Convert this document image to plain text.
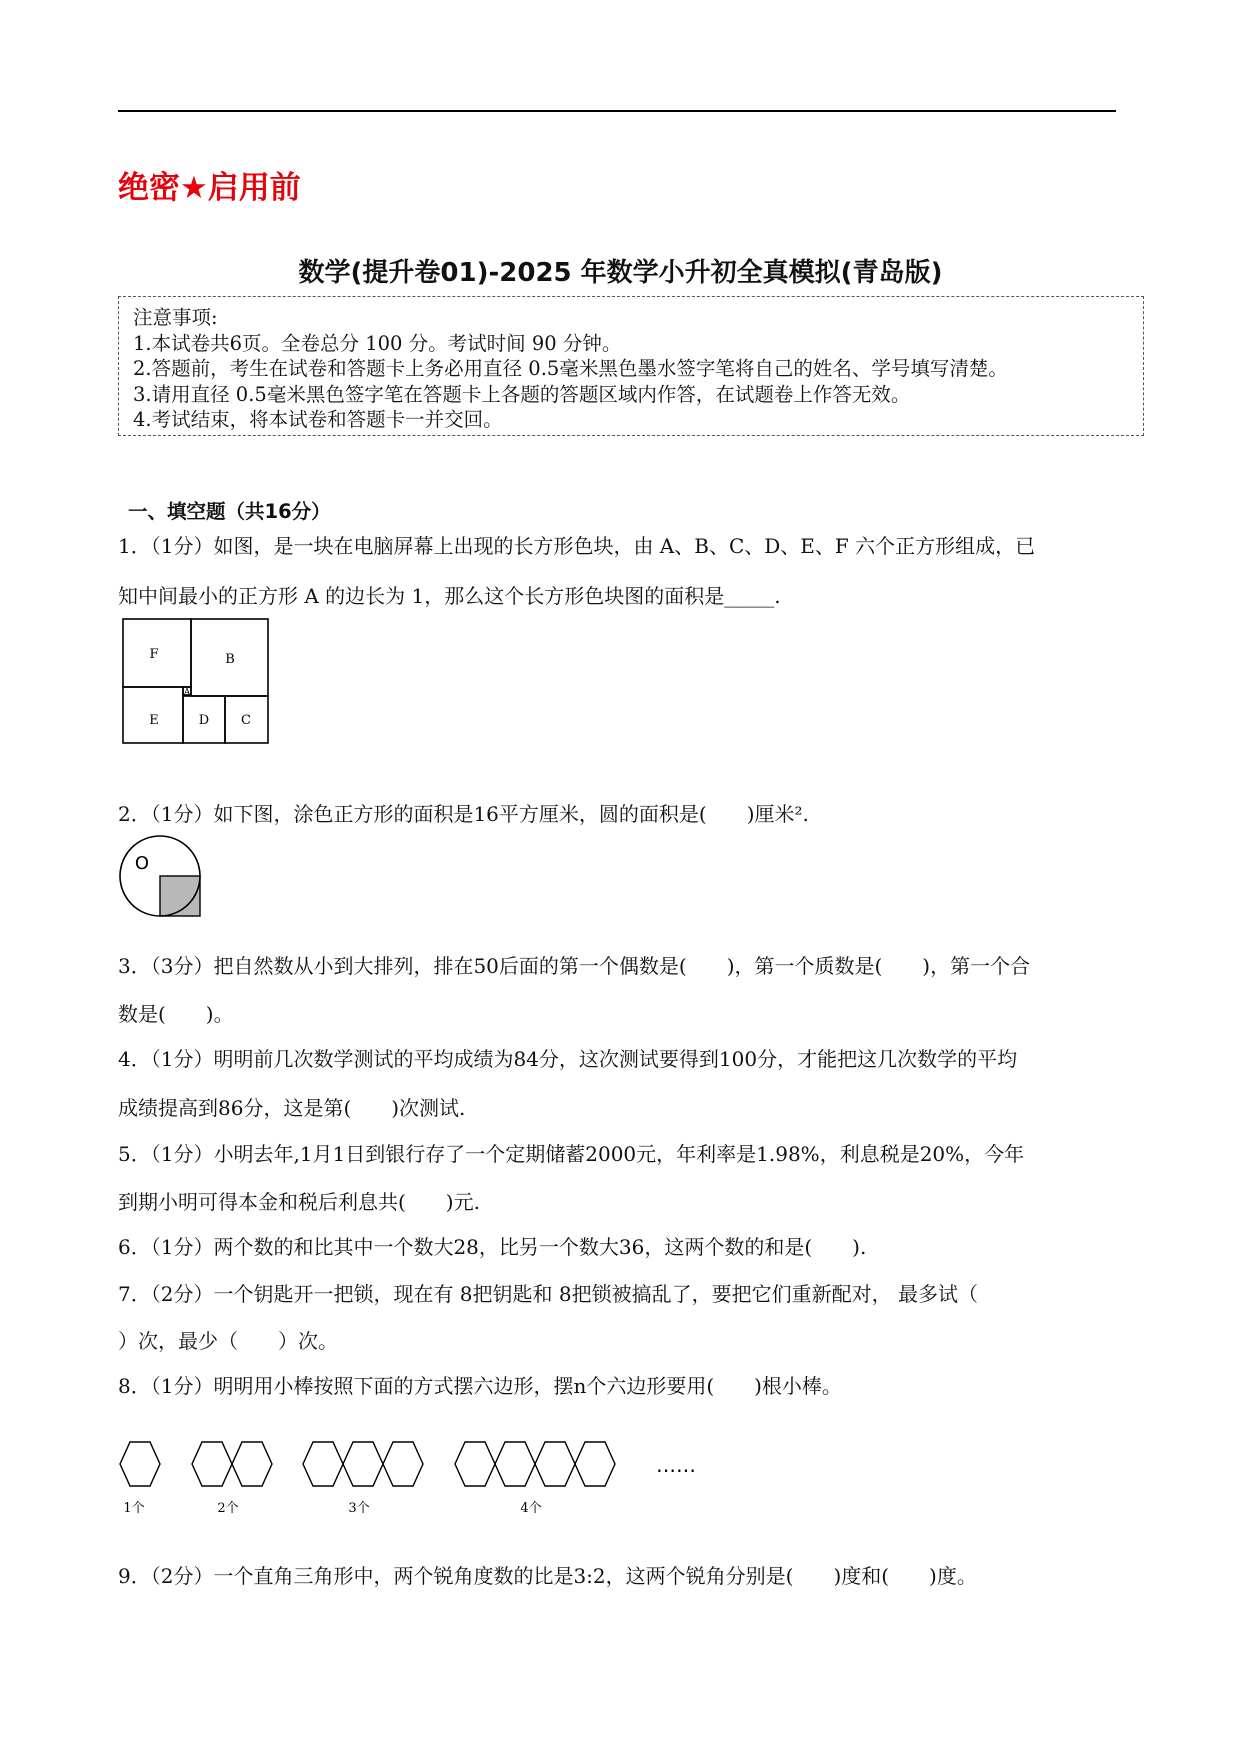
绝密★启用前
数学(提升卷01)-2025 年数学小升初全真模拟(青岛版)
注意事项:
1.本试卷共6页。全卷总分 100 分。考试时间 90 分钟。
2.答题前，考生在试卷和答题卡上务必用直径 0.5毫米黑色墨水签字笔将自己的姓名、学号填写清楚。
3.请用直径 0.5毫米黑色签字笔在答题卡上各题的答题区域内作答，在试题卷上作答无效。
4.考试结束，将本试卷和答题卡一并交回。
一、填空题（共16分）
1．（1分）如图，是一块在电脑屏幕上出现的长方形色块，由 A、B、C、D、E、F 六个正方形组成，已
知中间最小的正方形 A 的边长为 1，那么这个长方形色块图的面积是_____.
F	B
A
E	D C
2．（1分）如下图，涂色正方形的面积是16平方厘米，圆的面积是(　　)厘米².
O
3．（3分）把自然数从小到大排列，排在50后面的第一个偶数是(　　)，第一个质数是(　　)，第一个合
数是(　　)。
4．（1分）明明前几次数学测试的平均成绩为84分，这次测试要得到100分，才能把这几次数学的平均
成绩提高到86分，这是第(　　)次测试.
5．（1分）小明去年,1月1日到银行存了一个定期储蓄2000元，年利率是1.98%，利息税是20%，今年
到期小明可得本金和税后利息共(　　)元.
6．（1分）两个数的和比其中一个数大28，比另一个数大36，这两个数的和是(　　).
7．（2分）一个钥匙开一把锁，现在有 8把钥匙和 8把锁被搞乱了，要把它们重新配对， 最多试（
）次，最少（　　）次。
8．（1分）明明用小棒按照下面的方式摆六边形，摆n个六边形要用(　　)根小棒。
1个	2个	3个	4个
……
9．（2分）一个直角三角形中，两个锐角度数的比是3:2，这两个锐角分别是(　　)度和(　　)度。
